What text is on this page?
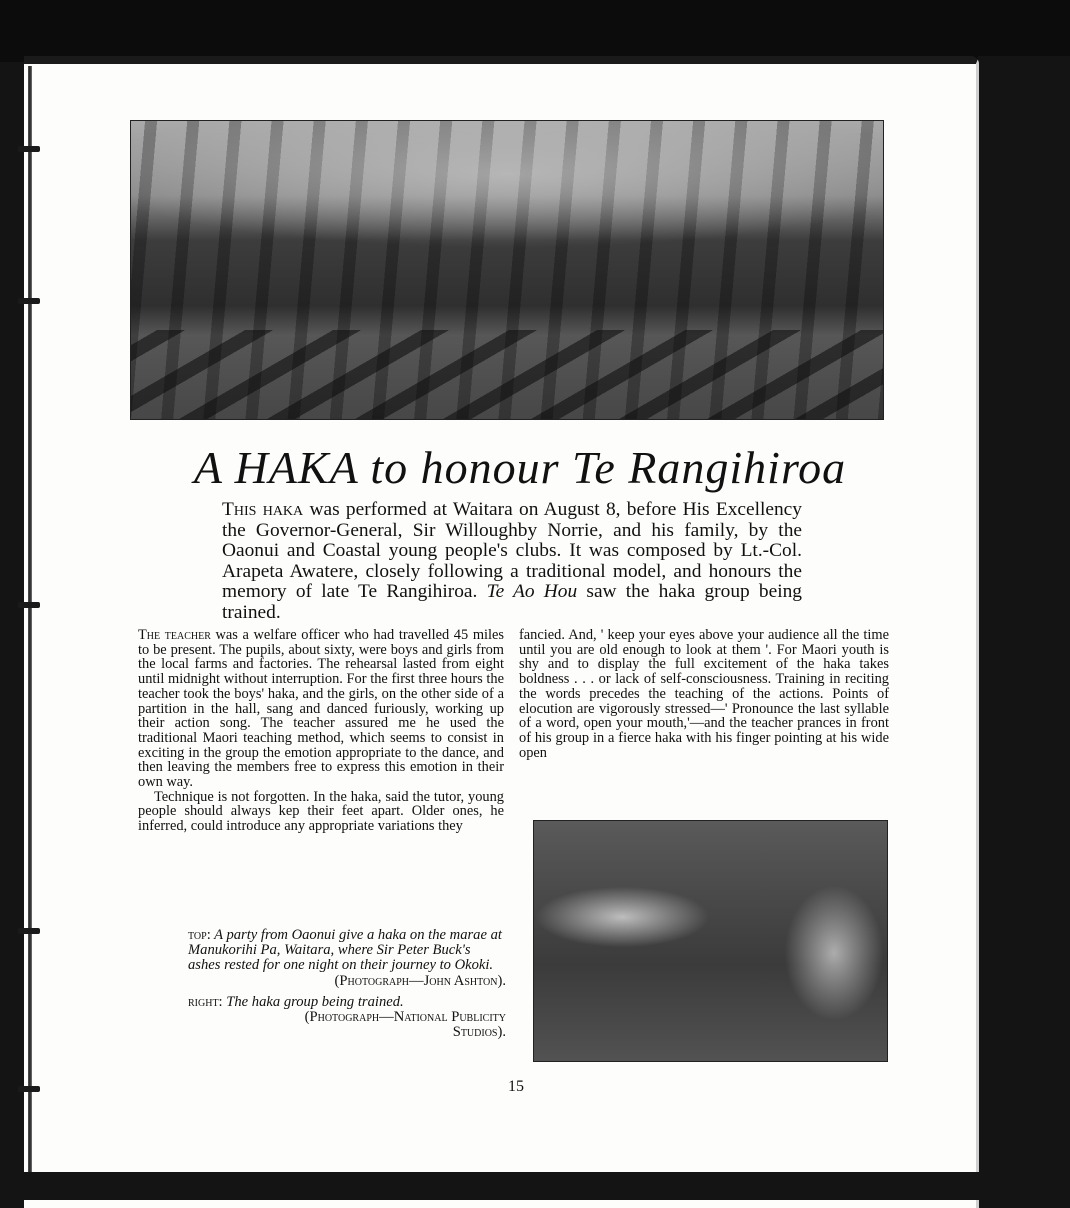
A HAKA to honour Te Rangihiroa

This haka was performed at Waitara on August 8, before His Excellency the Governor-General, Sir Willoughby Norrie, and his family, by the Oaonui and Coastal young people's clubs. It was composed by Lt.-Col. Arapeta Awatere, closely following a traditional model, and honours the memory of late Te Rangihiroa. Te Ao Hou saw the haka group being trained.

The teacher was a welfare officer who had travelled 45 miles to be present. The pupils, about sixty, were boys and girls from the local farms and factories. The rehearsal lasted from eight until midnight without interruption. For the first three hours the teacher took the boys' haka, and the girls, on the other side of a partition in the hall, sang and danced furiously, working up their action song. The teacher assured me he used the traditional Maori teaching method, which seems to consist in exciting in the group the emotion appropriate to the dance, and then leaving the members free to express this emotion in their own way.

Technique is not forgotten. In the haka, said the tutor, young people should always kep their feet apart. Older ones, he inferred, could introduce any appropriate variations they

fancied. And, ' keep your eyes above your audience all the time until you are old enough to look at them '. For Maori youth is shy and to display the full excitement of the haka takes boldness . . . or lack of self-consciousness. Training in reciting the words precedes the teaching of the actions. Points of elocution are vigorously stressed—' Pronounce the last syllable of a word, open your mouth,'—and the teacher prances in front of his group in a fierce haka with his finger pointing at his wide open

top: A party from Oaonui give a haka on the marae at Manukorihi Pa, Waitara, where Sir Peter Buck's ashes rested for one night on their journey to Okoki.

(Photograph—John Ashton).

right: The haka group being trained.

(Photograph—National Publicity

Studios).

15
